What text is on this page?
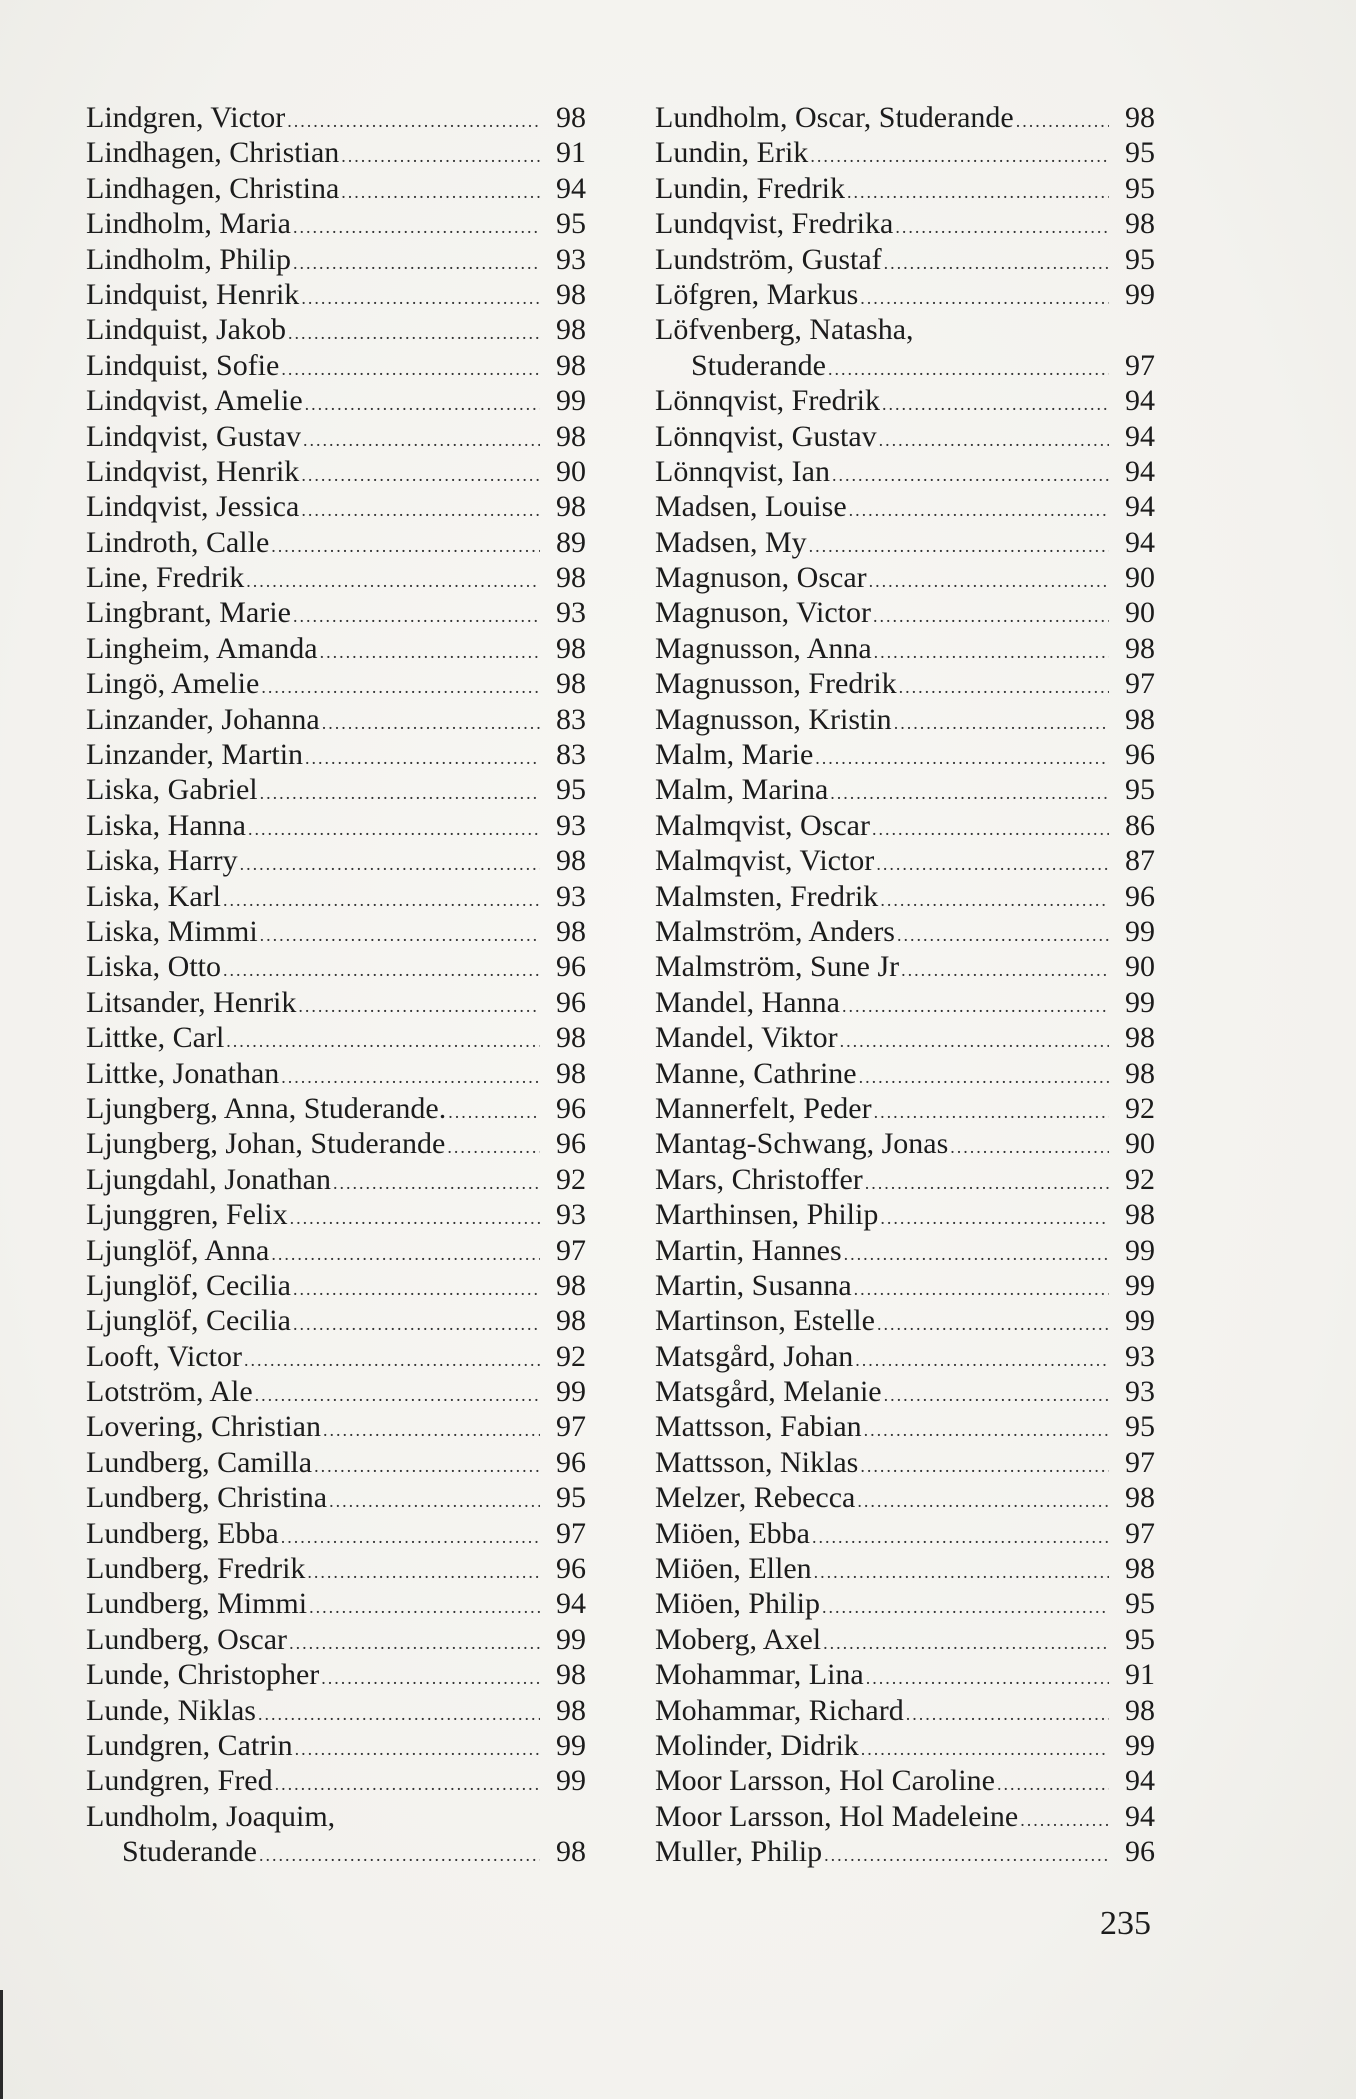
Lindgren, Victor .....	98
Lindhagen, Christian .....	91
Lindhagen, Christina .....	94
Lindholm, Maria .....	95
Lindholm, Philip .....	93
Lindquist, Henrik .....	98
Lindquist, Jakob .....	98
Lindquist, Sofie .....	98
Lindqvist, Amelie .....	99
Lindqvist, Gustav .....	98
Lindqvist, Henrik .....	90
Lindqvist, Jessica .....	98
Lindroth, Calle .....	89
Line, Fredrik .....	98
Lingbrant, Marie .....	93
Lingheim, Amanda .....	98
Lingö, Amelie .....	98
Linzander, Johanna .....	83
Linzander, Martin .....	83
Liska, Gabriel .....	95
Liska, Hanna .....	93
Liska, Harry .....	98
Liska, Karl .....	93
Liska, Mimmi .....	98
Liska, Otto .....	96
Litsander, Henrik .....	96
Littke, Carl .....	98
Littke, Jonathan .....	98
Ljungberg, Anna, Studerande. .....	96
Ljungberg, Johan, Studerande .....	96
Ljungdahl, Jonathan .....	92
Ljunggren, Felix .....	93
Ljunglöf, Anna .....	97
Ljunglöf, Cecilia .....	98
Ljunglöf, Cecilia .....	98
Looft, Victor .....	92
Lotström, Ale .....	99
Lovering, Christian .....	97
Lundberg, Camilla .....	96
Lundberg, Christina .....	95
Lundberg, Ebba .....	97
Lundberg, Fredrik .....	96
Lundberg, Mimmi .....	94
Lundberg, Oscar .....	99
Lunde, Christopher .....	98
Lunde, Niklas .....	98
Lundgren, Catrin .....	99
Lundgren, Fred .....	99
Lundholm, Joaquim,
Studerande .....	98
Lundholm, Oscar, Studerande .....	98
Lundin, Erik .....	95
Lundin, Fredrik .....	95
Lundqvist, Fredrika .....	98
Lundström, Gustaf .....	95
Löfgren, Markus .....	99
Löfvenberg, Natasha,
Studerande .....	97
Lönnqvist, Fredrik .....	94
Lönnqvist, Gustav .....	94
Lönnqvist, Ian .....	94
Madsen, Louise .....	94
Madsen, My .....	94
Magnuson, Oscar .....	90
Magnuson, Victor .....	90
Magnusson, Anna .....	98
Magnusson, Fredrik .....	97
Magnusson, Kristin .....	98
Malm, Marie .....	96
Malm, Marina .....	95
Malmqvist, Oscar .....	86
Malmqvist, Victor .....	87
Malmsten, Fredrik .....	96
Malmström, Anders .....	99
Malmström, Sune Jr .....	90
Mandel, Hanna .....	99
Mandel, Viktor .....	98
Manne, Cathrine .....	98
Mannerfelt, Peder .....	92
Mantag-Schwang, Jonas .....	90
Mars, Christoffer .....	92
Marthinsen, Philip .....	98
Martin, Hannes .....	99
Martin, Susanna .....	99
Martinson, Estelle .....	99
Matsgård, Johan .....	93
Matsgård, Melanie .....	93
Mattsson, Fabian .....	95
Mattsson, Niklas .....	97
Melzer, Rebecca .....	98
Miöen, Ebba .....	97
Miöen, Ellen .....	98
Miöen, Philip .....	95
Moberg, Axel .....	95
Mohammar, Lina .....	91
Mohammar, Richard .....	98
Molinder, Didrik .....	99
Moor Larsson, Hol Caroline .....	94
Moor Larsson, Hol Madeleine .....	94
Muller, Philip .....	96
235
